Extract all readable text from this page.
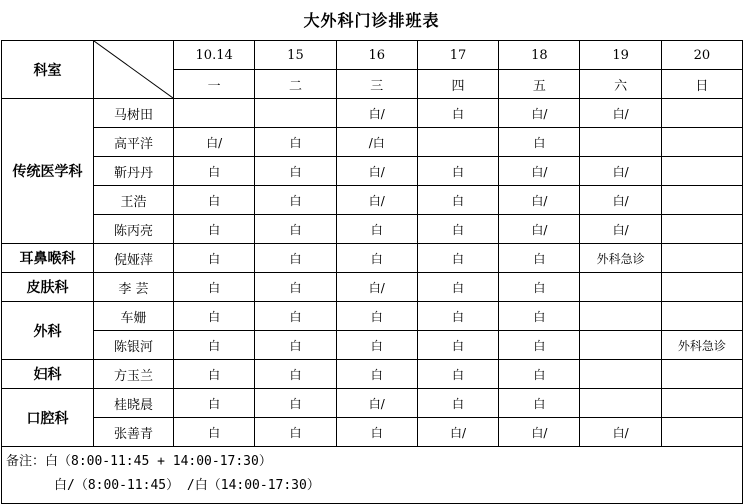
大外科门诊排班表
科室		10.14	15	16	17	18	19	20
		一	二	三	四	五	六	日
传统医学科	马树田			白/	白	白/	白/	
	高平洋	白/	白	/白		白		
	靳丹丹	白	白	白/	白	白/	白/	
	王浩	白	白	白/	白	白/	白/	
	陈丙亮	白	白	白	白	白/	白/	
耳鼻喉科	倪娅萍	白	白	白	白	白	外科急诊	
皮肤科	李 芸	白	白	白/	白	白		
外科	车姗	白	白	白	白	白		
	陈银河	白	白	白	白	白		外科急诊
妇科	方玉兰	白	白	白	白	白		
口腔科	桂晓晨	白	白	白/	白	白		
	张善青	白	白	白	白/	白/	白/	

备注：白（8:00-11:45 + 14:00-17:30）
白/（8:00-11:45） /白（14:00-17:30）								
